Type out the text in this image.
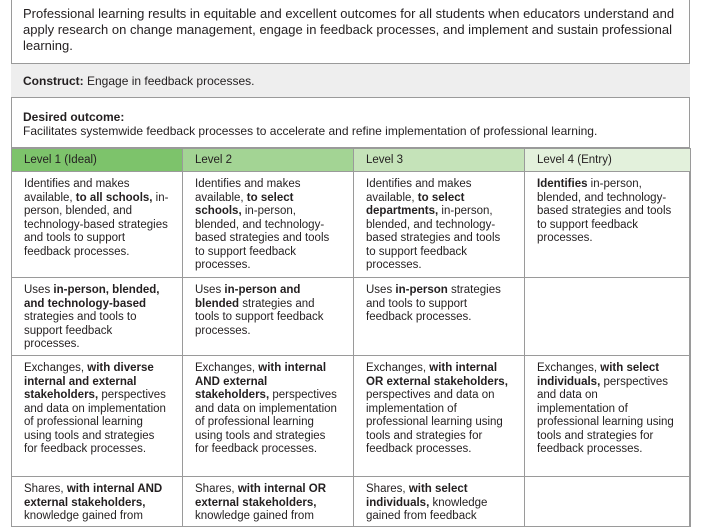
Professional learning results in equitable and excellent outcomes for all students when educators understand and apply research on change management, engage in feedback processes, and implement and sustain professional learning.
Construct: Engage in feedback processes.
Desired outcome:
Facilitates systemwide feedback processes to accelerate and refine implementation of professional learning.
Level 1 (Ideal)	Level 2	Level 3	Level 4 (Entry)
Identifies and makes available, to all schools, in-person, blended, and technology-based strategies and tools to support feedback processes.	Identifies and makes available, to select schools, in-person, blended, and technology-based strategies and tools to support feedback processes.	Identifies and makes available, to select departments, in-person, blended, and technology-based strategies and tools to support feedback processes.	Identifies in-person, blended, and technology-based strategies and tools to support feedback processes.
Uses in-person, blended, and technology-based strategies and tools to support feedback processes.	Uses in-person and blended strategies and tools to support feedback processes.	Uses in-person strategies and tools to support feedback processes.	
Exchanges, with diverse internal and external stakeholders, perspectives and data on implementation of professional learning using tools and strategies for feedback processes.	Exchanges, with internal AND external stakeholders, perspectives and data on implementation of professional learning using tools and strategies for feedback processes.	Exchanges, with internal OR external stakeholders, perspectives and data on implementation of professional learning using tools and strategies for feedback processes.	Exchanges, with select individuals, perspectives and data on implementation of professional learning using tools and strategies for feedback processes.
Shares, with internal AND external stakeholders, knowledge gained from	Shares, with internal OR external stakeholders, knowledge gained from	Shares, with select individuals, knowledge gained from feedback	
